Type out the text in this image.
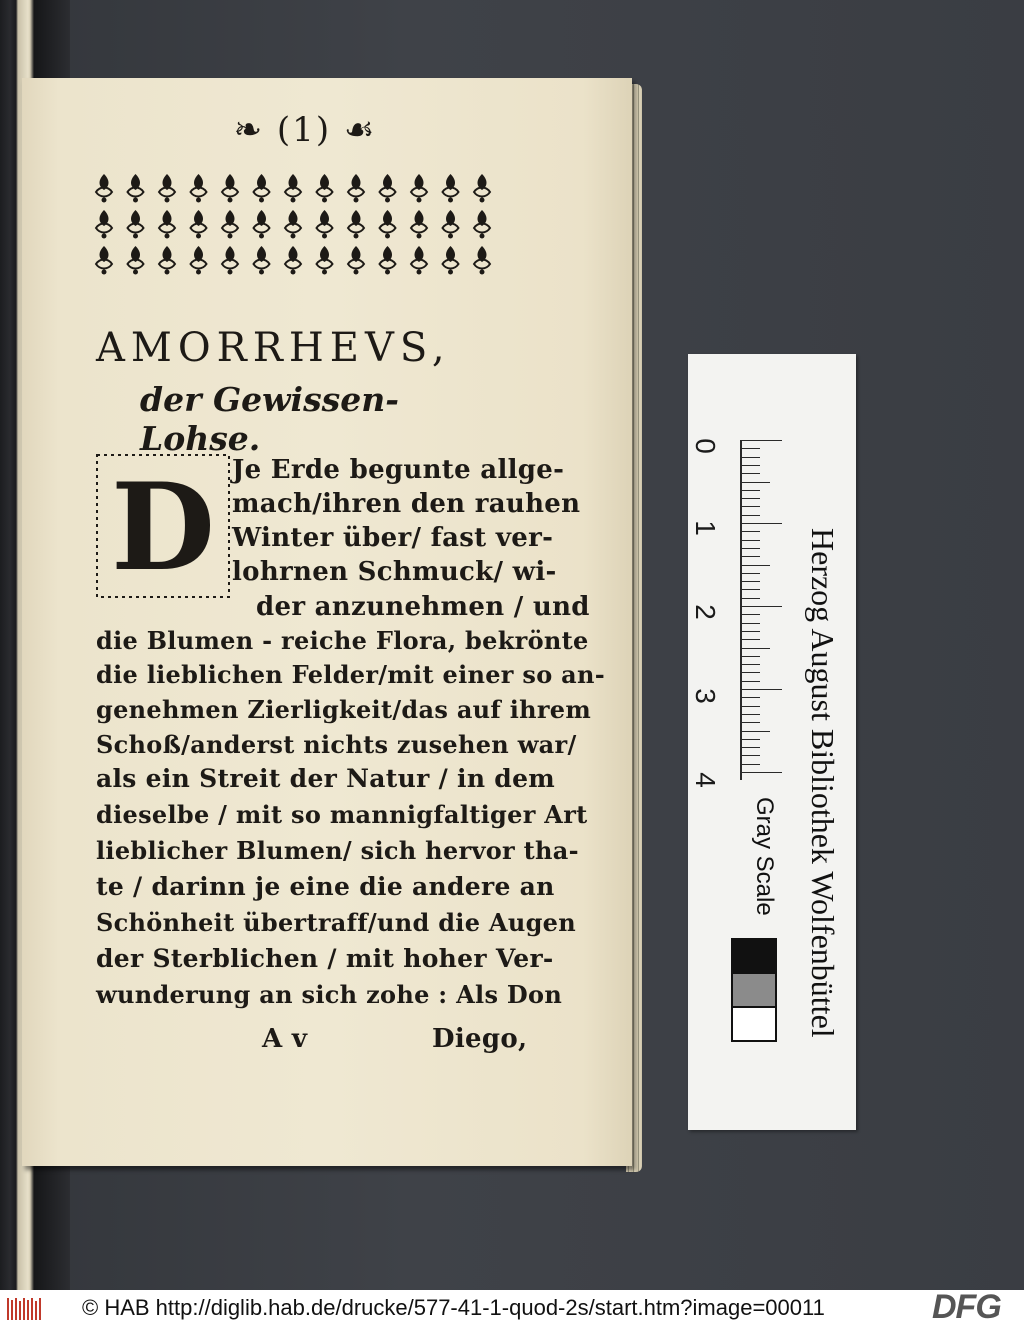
❧ (1) ☙
AMORRHEVS,
der Gewissen-Lohse.
D Je Erde begunte allge-
mach/ihren den rauhen
Winter über/ fast ver-
lohrnen Schmuck/ wi-
der anzunehmen / und
die Blumen - reiche Flora, bekrönte
die lieblichen Felder/mit einer so an-
genehmen Zierligkeit/das auf ihrem
Schoß/anderst nichts zusehen war/
als ein Streit der Natur / in dem
dieselbe / mit so mannigfaltiger Art
lieblicher Blumen/ sich hervor tha-
te / darinn je eine die andere an
Schönheit übertraff/und die Augen
der Sterblichen / mit hoher Ver-
wunderung an sich zohe : Als Don
A v	Diego,
0
1
2
3
4	Herzog August Bibliothek Wolfenbüttel
Gray Scale
© HAB http://diglib.hab.de/drucke/577-41-1-quod-2s/start.htm?image=00011	DFG
